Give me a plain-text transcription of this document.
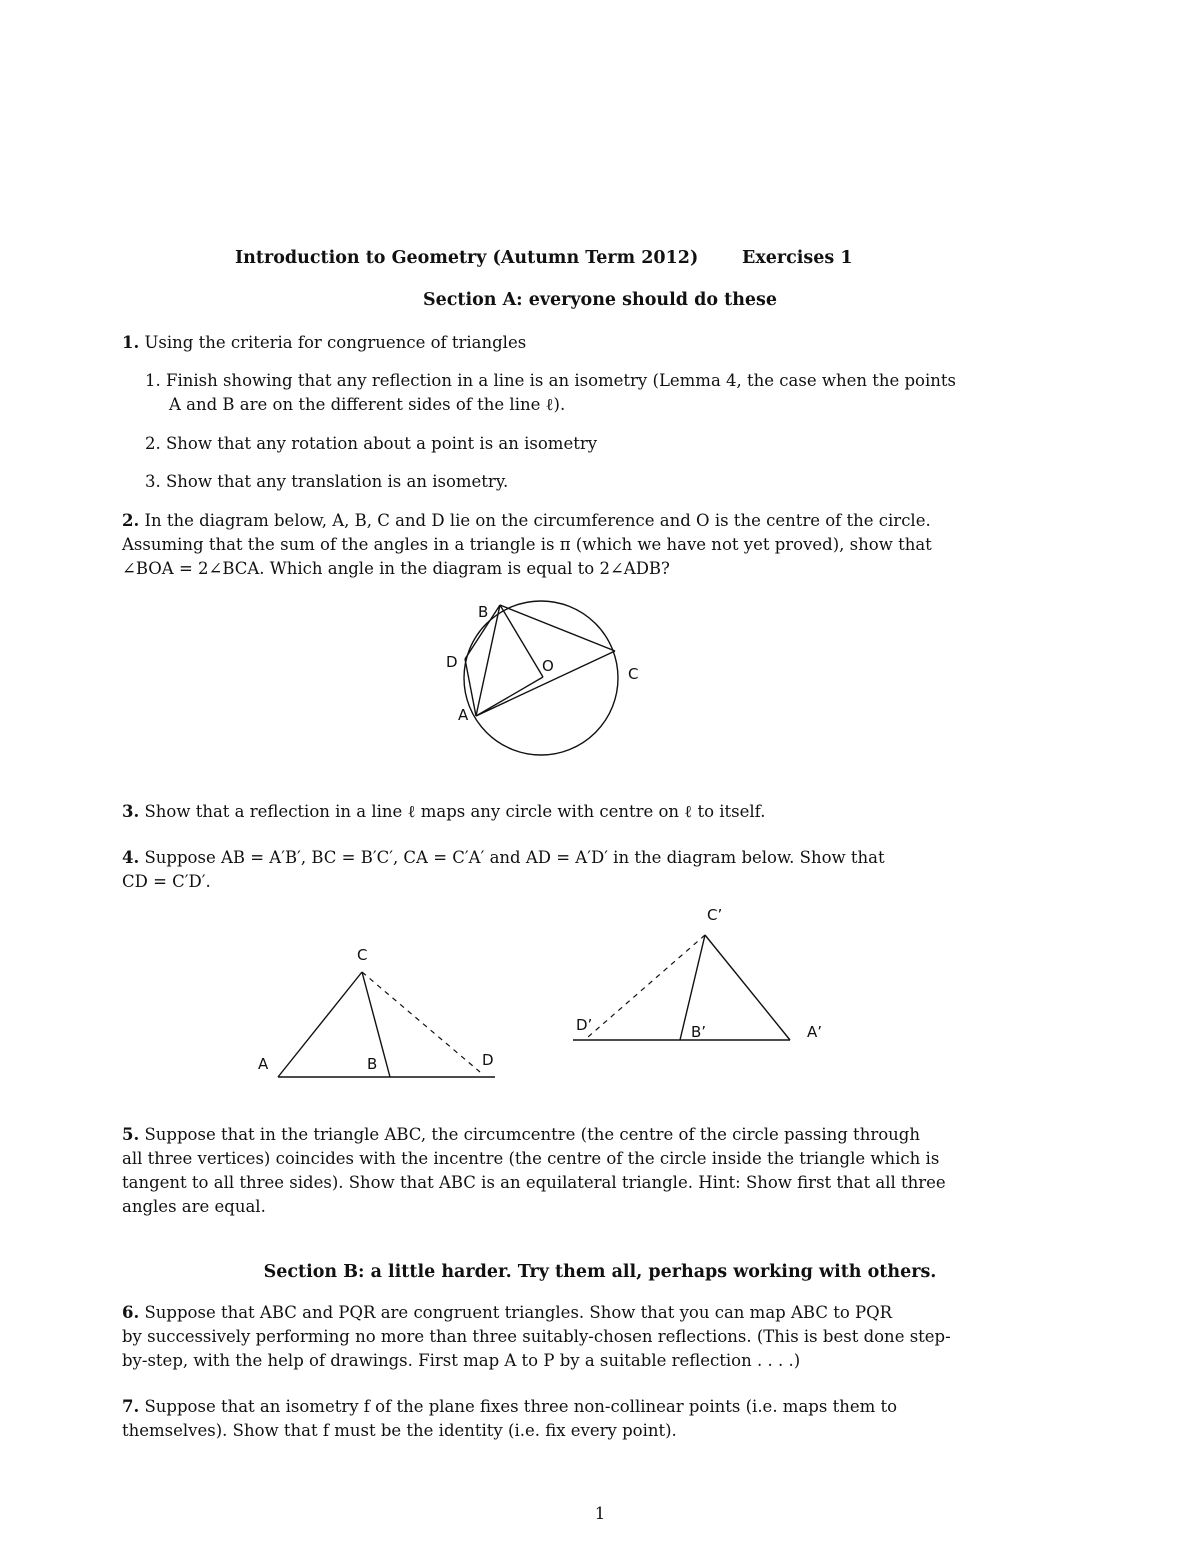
Introduction to Geometry (Autumn Term 2012)	Exercises 1
Section A: everyone should do these
1. Using the criteria for congruence of triangles
1. Finish showing that any reflection in a line is an isometry (Lemma 4, the case when the points
A and B are on the different sides of the line ℓ).
2. Show that any rotation about a point is an isometry
3. Show that any translation is an isometry.
2. In the diagram below, A, B, C and D lie on the circumference and O is the centre of the circle.
Assuming that the sum of the angles in a triangle is π (which we have not yet proved), show that
∠BOA = 2∠BCA. Which angle in the diagram is equal to 2∠ADB?
B
D	O	C
A
3. Show that a reflection in a line ℓ maps any circle with centre on ℓ to itself.
4. Suppose AB = A′B′, BC = B′C′, CA = C′A′ and AD = A′D′ in the diagram below. Show that
CD = C′D′.
C
A	B	D
C’
D’	B’	A’
5. Suppose that in the triangle ABC, the circumcentre (the centre of the circle passing through
all three vertices) coincides with the incentre (the centre of the circle inside the triangle which is
tangent to all three sides). Show that ABC is an equilateral triangle. Hint: Show first that all three
angles are equal.
Section B: a little harder. Try them all, perhaps working with others.
6. Suppose that ABC and PQR are congruent triangles. Show that you can map ABC to PQR
by successively performing no more than three suitably-chosen reflections. (This is best done step-
by-step, with the help of drawings. First map A to P by a suitable reflection . . . .)
7. Suppose that an isometry f of the plane fixes three non-collinear points (i.e. maps them to
themselves). Show that f must be the identity (i.e. fix every point).
1
